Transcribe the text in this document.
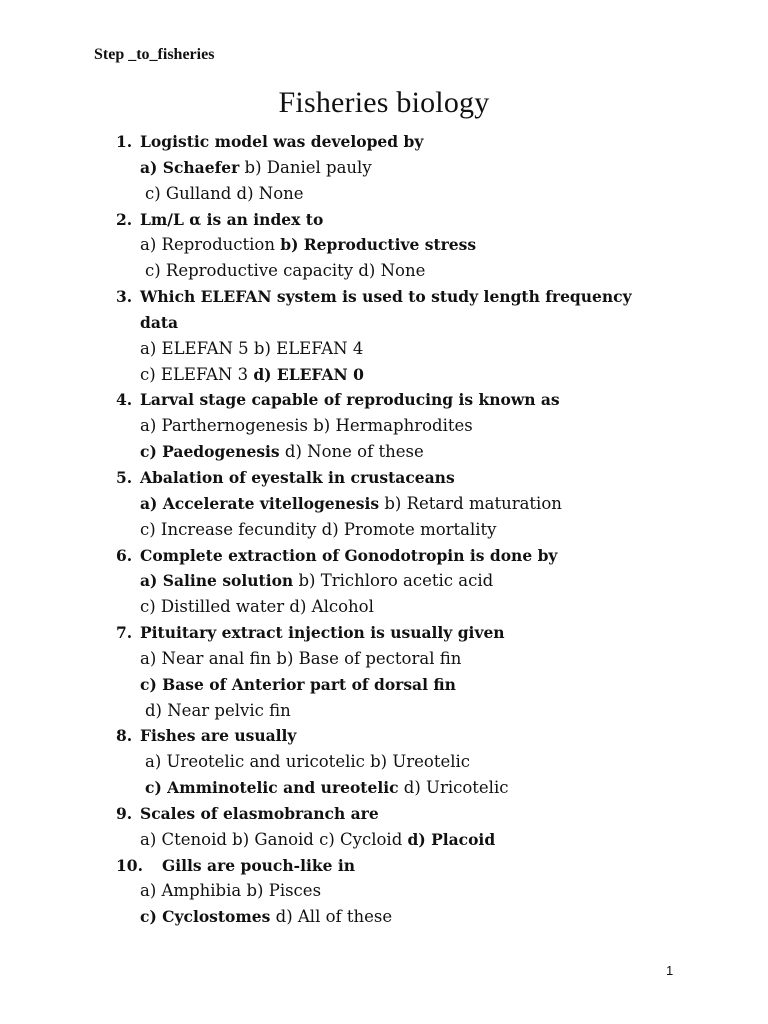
Step _to_fisheries
Fisheries biology
1. Logistic model was developed by
a) Schaefer b) Daniel pauly
c) Gulland d) None
2. Lm/L α is an index to
a) Reproduction b) Reproductive stress
c) Reproductive capacity d) None
3. Which ELEFAN system is used to study length frequency
data
a) ELEFAN 5 b) ELEFAN 4
c) ELEFAN 3 d) ELEFAN 0
4. Larval stage capable of reproducing is known as
a) Parthernogenesis b) Hermaphrodites
c) Paedogenesis d) None of these
5. Abalation of eyestalk in crustaceans
a) Accelerate vitellogenesis b) Retard maturation
c) Increase fecundity d) Promote mortality
6. Complete extraction of Gonodotropin is done by
a) Saline solution b) Trichloro acetic acid
c) Distilled water d) Alcohol
7. Pituitary extract injection is usually given
a) Near anal fin b) Base of pectoral fin
c) Base of Anterior part of dorsal fin
d) Near pelvic fin
8. Fishes are usually
a) Ureotelic and uricotelic b) Ureotelic
c) Amminotelic and ureotelic d) Uricotelic
9. Scales of elasmobranch are
a) Ctenoid b) Ganoid c) Cycloid d) Placoid
10. Gills are pouch-like in
a) Amphibia b) Pisces
c) Cyclostomes d) All of these
1
